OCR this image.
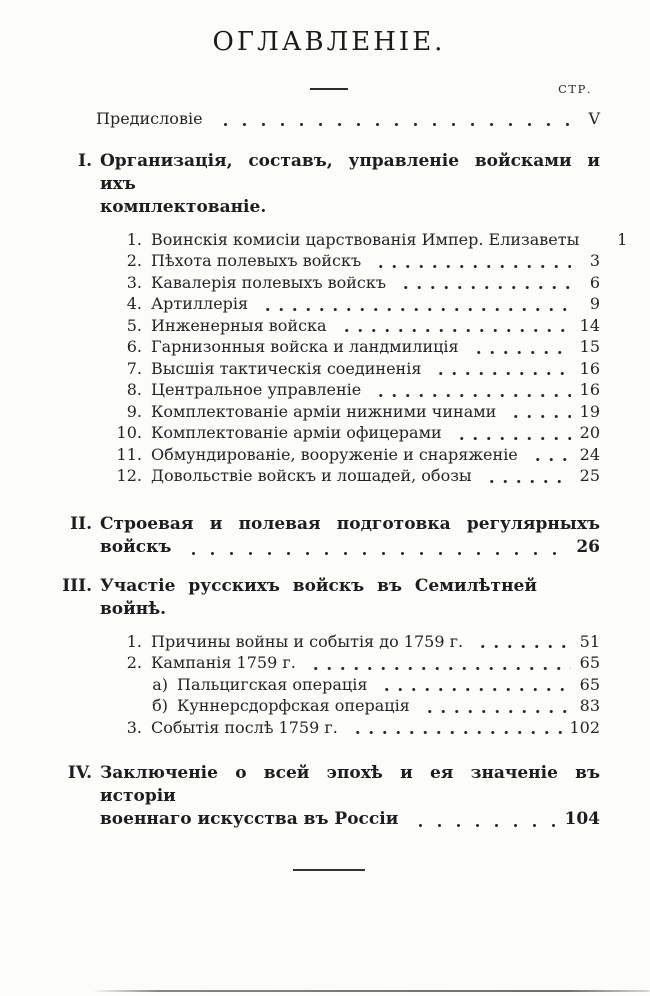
ОГЛАВЛЕНІЕ.
СТР.
Предисловіе	V
I. Организація, составъ, управленіе войсками и ихъ
комплектованіе.
1. Воинскія комисіи царствованія Импер. Елизаветы	1
2. Пѣхота полевыхъ войскъ	3
3. Кавалерія полевыхъ войскъ	6
4. Артиллерія	9
5. Инженерныя войска	14
6. Гарнизонныя войска и ландмилиція	15
7. Высшія тактическія соединенія	16
8. Центральное управленіе	16
9. Комплектованіе арміи нижними чинами	19
10. Комплектованіе арміи офицерами	20
11. Обмундированіе, вооруженіе и снаряженіе	24
12. Довольствіе войскъ и лошадей, обозы	25
II. Строевая и полевая подготовка регулярныхъ
войскъ	26
III. Участіе русскихъ войскъ въ Семилѣтней войнѣ.
1. Причины войны и событія до 1759 г.	51
2. Кампанія 1759 г.	65
а) Пальцигская операція	65
б) Куннерсдорфская операція	83
3. Событія послѣ 1759 г.	102
IV. Заключеніе о всей эпохѣ и ея значеніе въ исторіи
военнаго искусства въ Россіи	104
